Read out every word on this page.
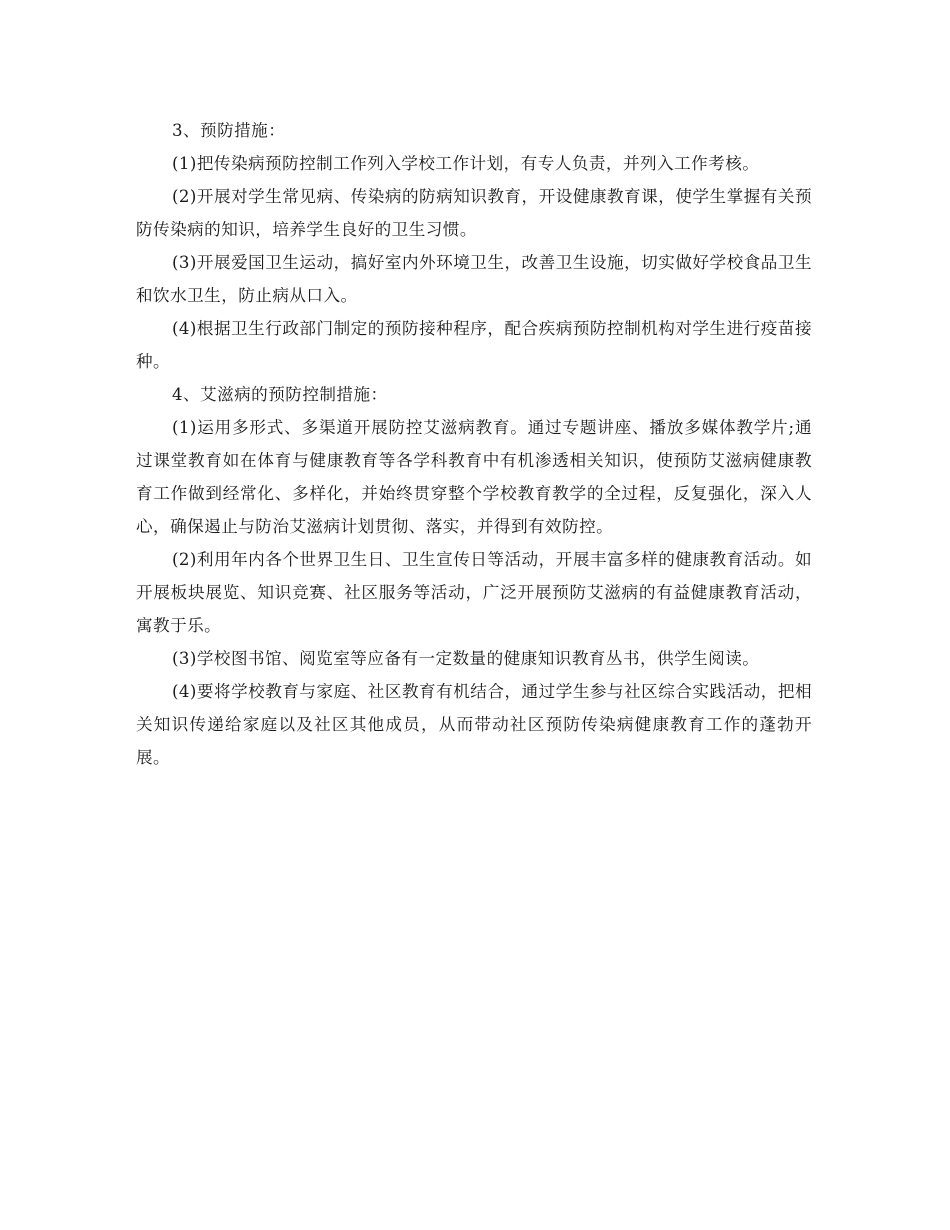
3、预防措施：

(1)把传染病预防控制工作列入学校工作计划，有专人负责，并列入工作考核。

(2)开展对学生常见病、传染病的防病知识教育，开设健康教育课，使学生掌握有关预防传染病的知识，培养学生良好的卫生习惯。

(3)开展爱国卫生运动，搞好室内外环境卫生，改善卫生设施，切实做好学校食品卫生和饮水卫生，防止病从口入。

(4)根据卫生行政部门制定的预防接种程序，配合疾病预防控制机构对学生进行疫苗接种。

4、艾滋病的预防控制措施：

(1)运用多形式、多渠道开展防控艾滋病教育。通过专题讲座、播放多媒体教学片;通过课堂教育如在体育与健康教育等各学科教育中有机渗透相关知识，使预防艾滋病健康教育工作做到经常化、多样化，并始终贯穿整个学校教育教学的全过程，反复强化，深入人心，确保遏止与防治艾滋病计划贯彻、落实，并得到有效防控。

(2)利用年内各个世界卫生日、卫生宣传日等活动，开展丰富多样的健康教育活动。如开展板块展览、知识竞赛、社区服务等活动，广泛开展预防艾滋病的有益健康教育活动，寓教于乐。

(3)学校图书馆、阅览室等应备有一定数量的健康知识教育丛书，供学生阅读。

(4)要将学校教育与家庭、社区教育有机结合，通过学生参与社区综合实践活动，把相关知识传递给家庭以及社区其他成员，从而带动社区预防传染病健康教育工作的蓬勃开展。
